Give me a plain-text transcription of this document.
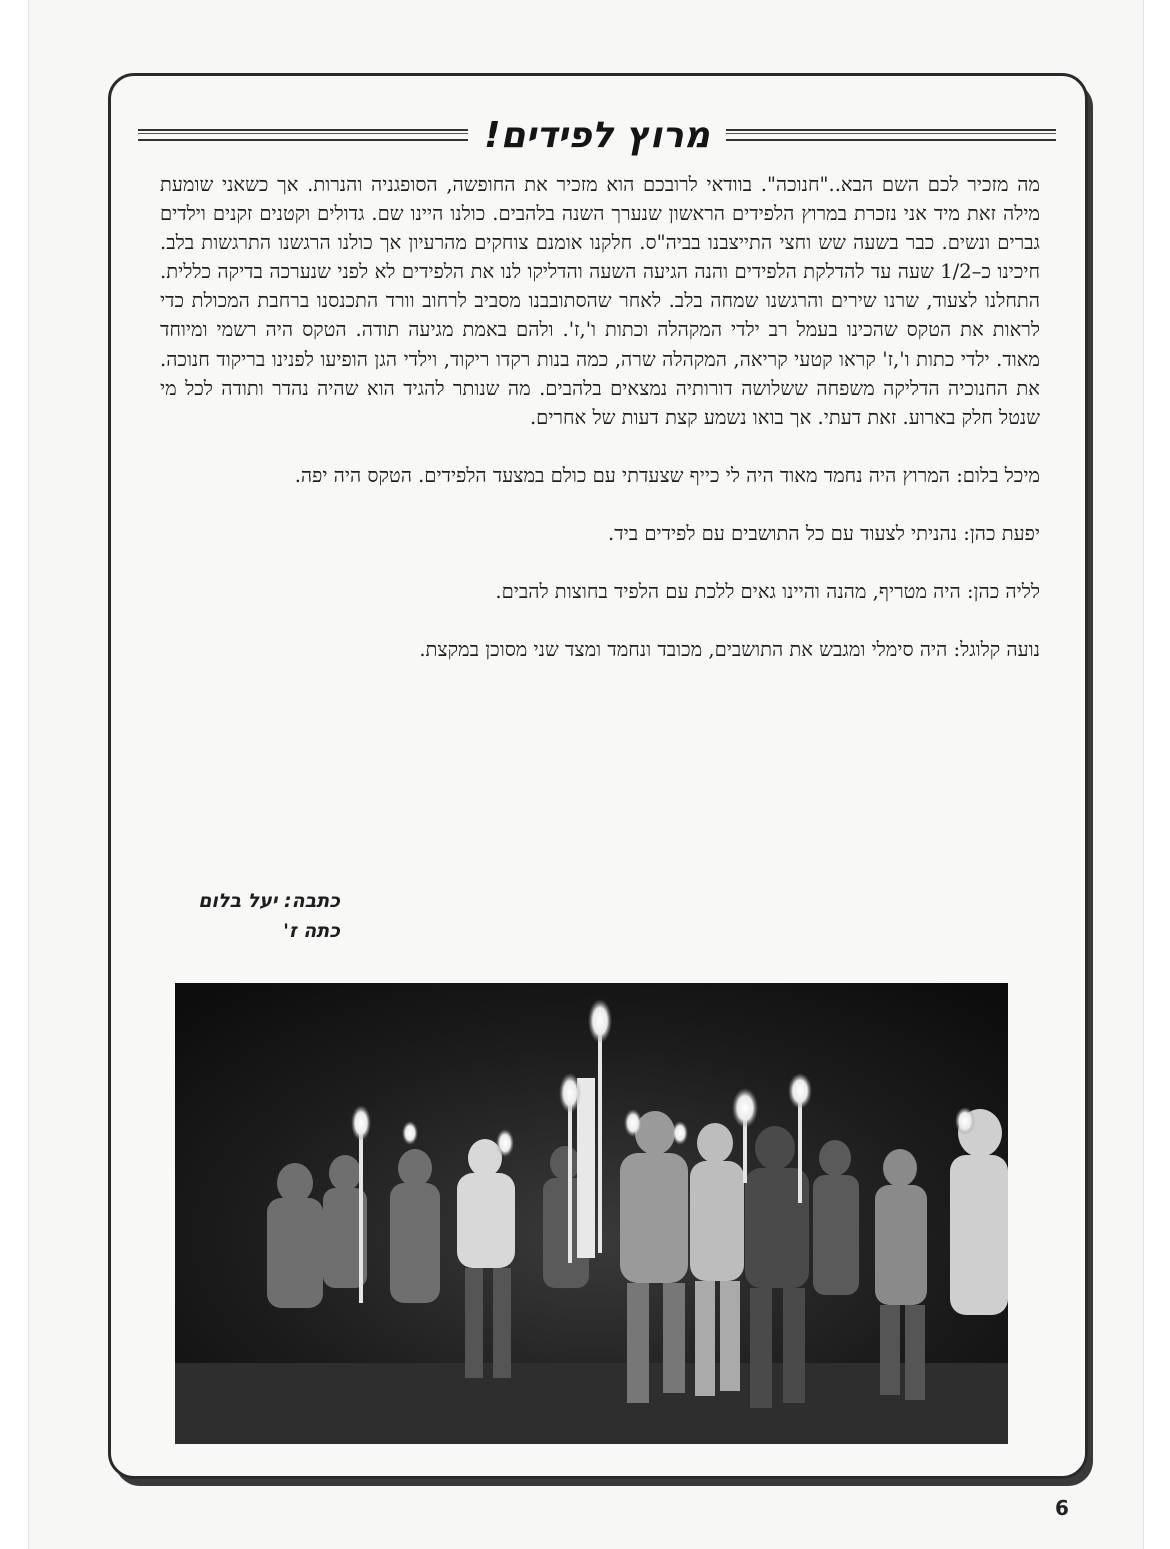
מרוץ לפידים!

מה מזכיר לכם השם הבא.."חנוכה". בוודאי לרובכם הוא מזכיר את החופשה, הסופגניה והנרות. אך כשאני שומעת מילה זאת מיד אני נזכרת במרוץ הלפידים הראשון שנערך השנה בלהבים. כולנו היינו שם. גדולים וקטנים זקנים וילדים גברים ונשים. כבר בשעה שש וחצי התייצבנו בביה"ס. חלקנו אומנם צוחקים מהרעיון אך כולנו הרגשנו התרגשות בלב. חיכינו כ–1/2 שעה עד להדלקת הלפידים והנה הגיעה השעה והדליקו לנו את הלפידים לא לפני שנערכה בדיקה כללית. התחלנו לצעוד, שרנו שירים והרגשנו שמחה בלב. לאחר שהסתובבנו מסביב לרחוב וורד התכנסנו ברחבת המכולת כדי לראות את הטקס שהכינו בעמל רב ילדי המקהלה וכתות ו',ז'. ולהם באמת מגיעה תודה. הטקס היה רשמי ומיוחד מאוד. ילדי כתות ו',ז' קראו קטעי קריאה, המקהלה שרה, כמה בנות רקדו ריקוד, וילדי הגן הופיעו לפנינו בריקוד חנוכה. את החנוכיה הדליקה משפחה ששלושה דורותיה נמצאים בלהבים. מה שנותר להגיד הוא שהיה נהדר ותודה לכל מי שנטל חלק בארוע. זאת דעתי. אך בואו נשמע קצת דעות של אחרים.

מיכל בלום: המרוץ היה נחמד מאוד היה לי כייף שצעדתי עם כולם במצעד הלפידים. הטקס היה יפה.

יפעת כהן: נהניתי לצעוד עם כל התושבים עם לפידים ביד.

לליה כהן: היה מטריף, מהנה והיינו גאים ללכת עם הלפיד בחוצות להבים.

נועה קלוגל: היה סימלי ומגבש את התושבים, מכובד ונחמד ומצד שני מסוכן במקצת.

כתבה: יעל בלום
כתה ז'
6
